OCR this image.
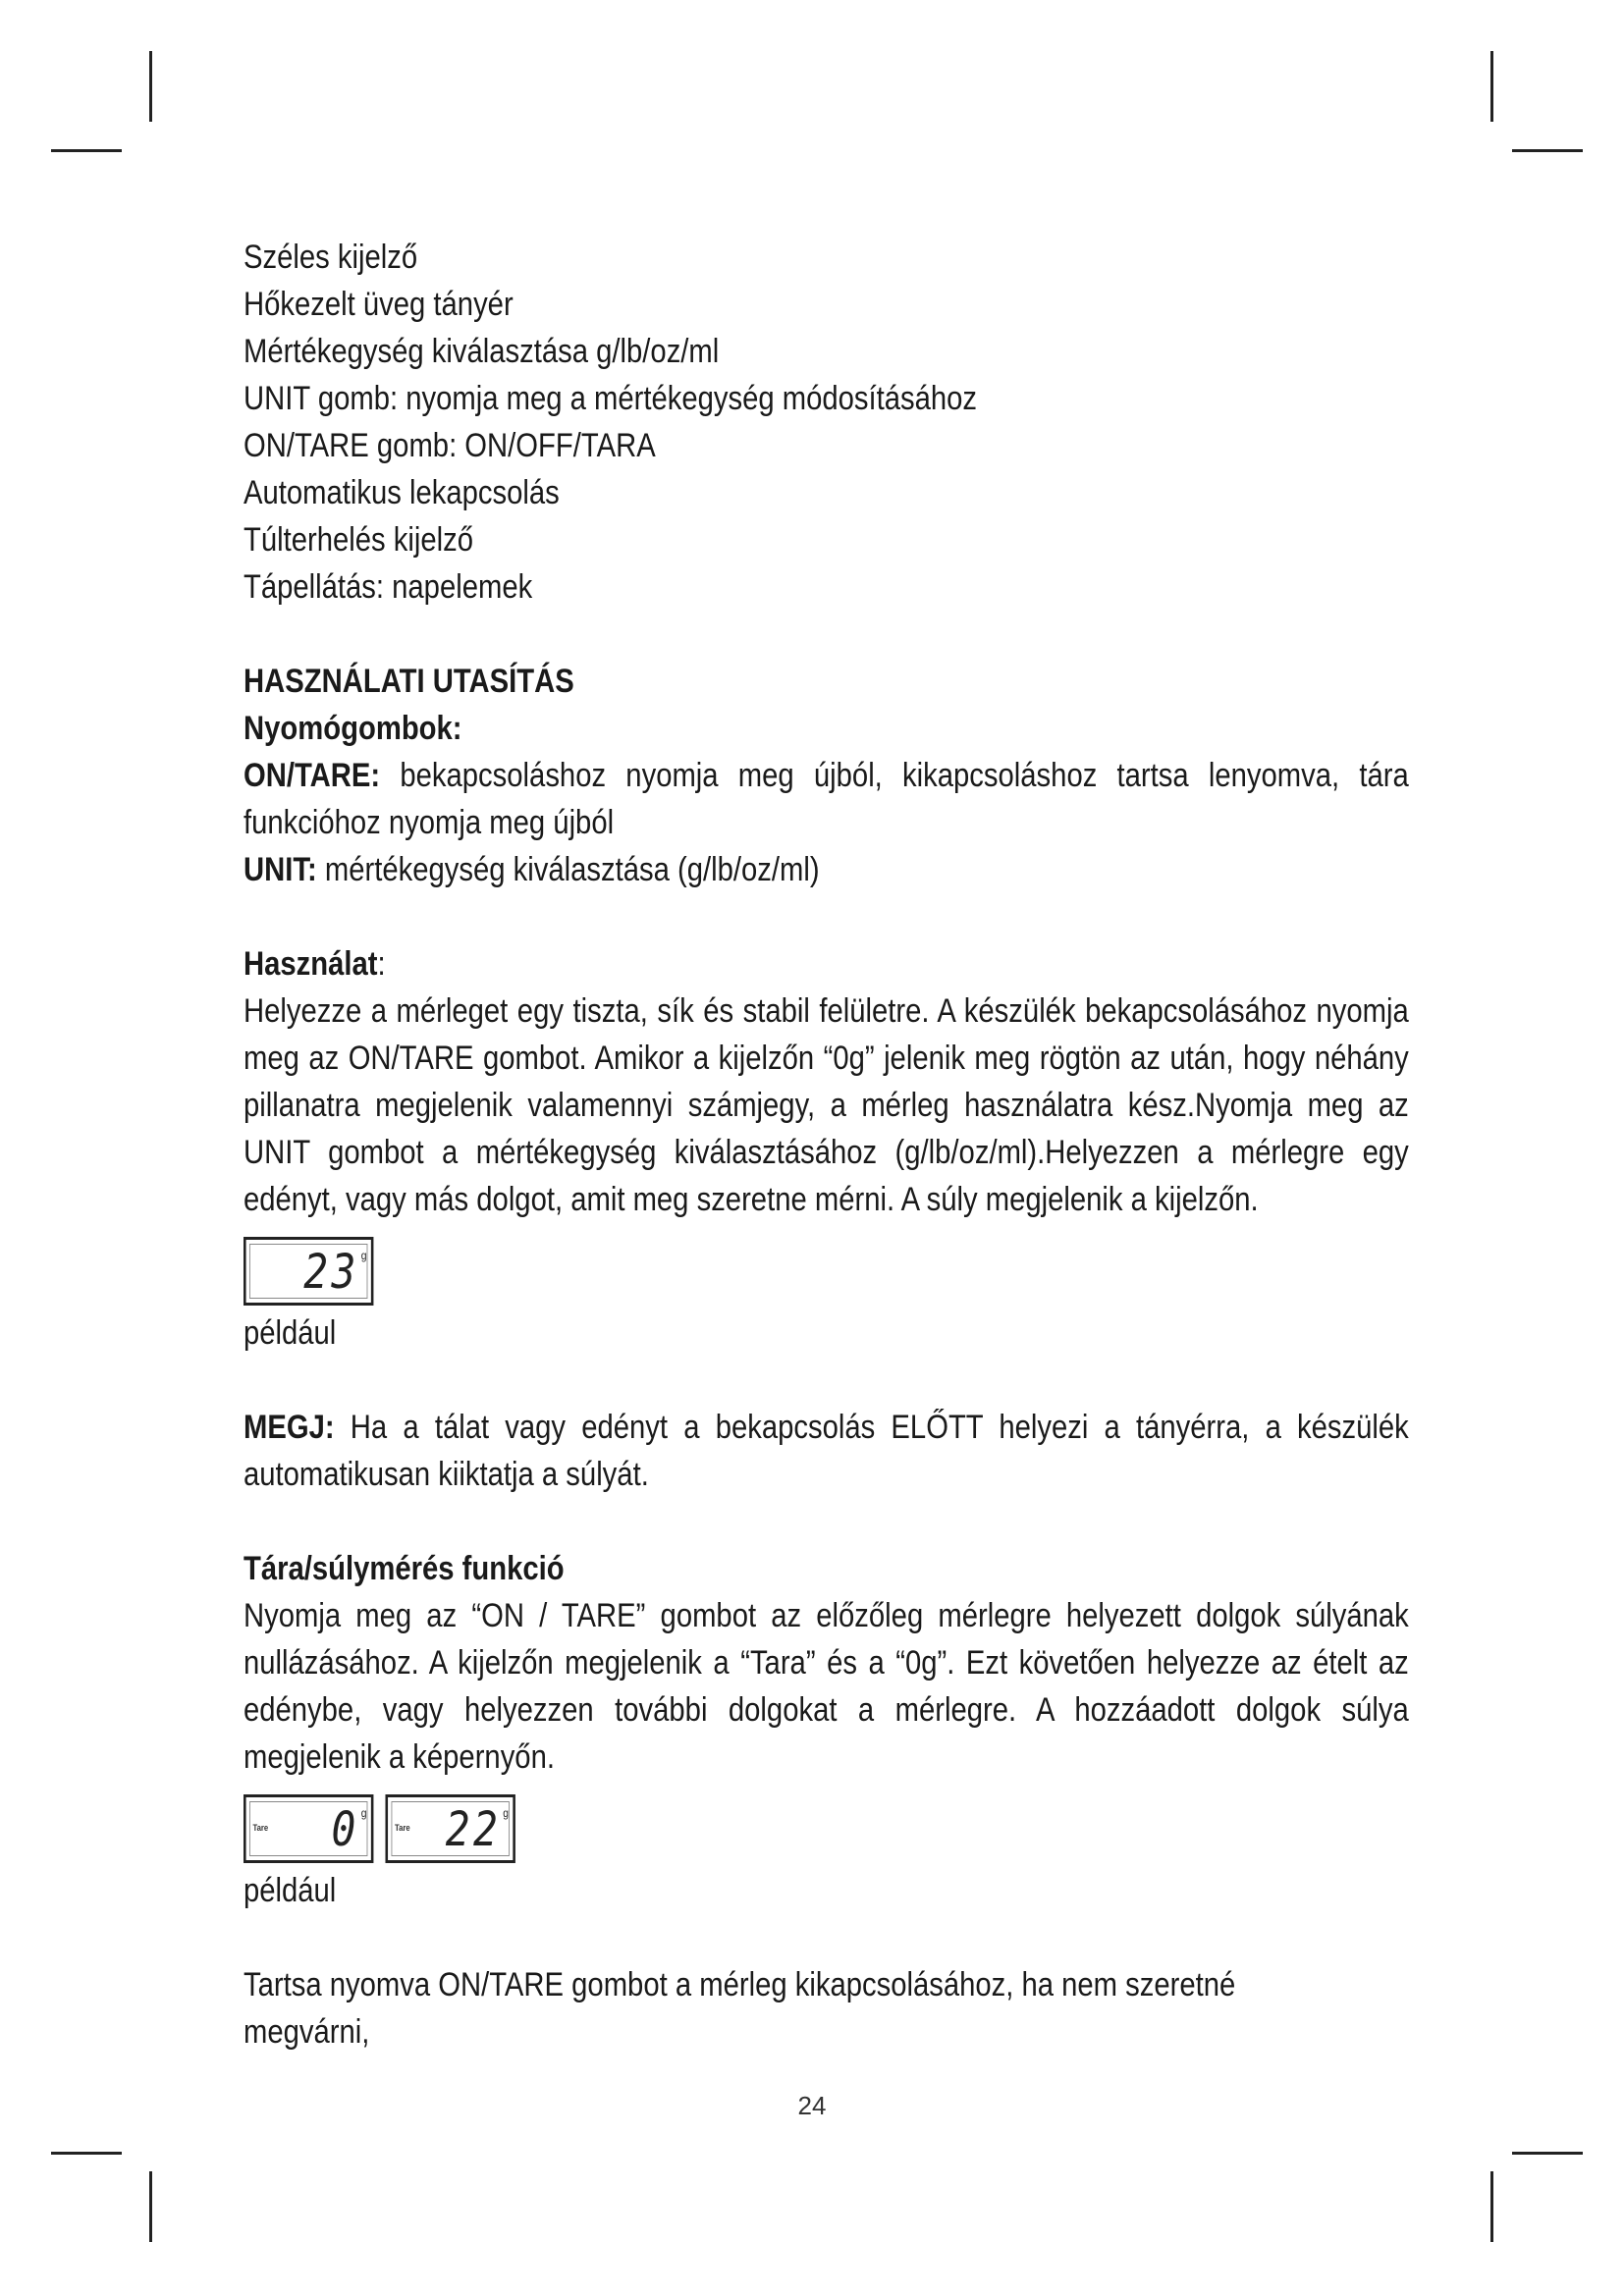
Széles kijelző

Hőkezelt üveg tányér

Mértékegység kiválasztása g/lb/oz/ml

UNIT gomb: nyomja meg a mértékegység módosításához

ON/TARE gomb: ON/OFF/TARA

Automatikus lekapcsolás

Túlterhelés kijelző

Tápellátás: napelemek

HASZNÁLATI UTASÍTÁS

Nyomógombok:

ON/TARE: bekapcsoláshoz nyomja meg újból, kikapcsoláshoz tartsa lenyomva, tára funkcióhoz nyomja meg újból

UNIT: mértékegység kiválasztása (g/lb/oz/ml)

Használat:

Helyezze a mérleget egy tiszta, sík és stabil felületre. A készülék bekapcsolásához nyomja meg az ON/TARE gombot. Amikor a kijelzőn “0g” jelenik meg rögtön az után, hogy néhány pillanatra megjelenik valamennyi számjegy, a mérleg használatra kész.Nyomja meg az UNIT gombot a mértékegység kiválasztásához (g/lb/oz/ml).Helyezzen a mérlegre egy edényt, vagy más dolgot, amit meg szeretne mérni. A súly megjelenik a kijelzőn.

23 g

például

MEGJ: Ha a tálat vagy edényt a bekapcsolás ELŐTT helyezi a tányérra, a készülék automatikusan kiiktatja a súlyát.

Tára/súlymérés funkció

Nyomja meg az “ON / TARE” gombot az előzőleg mérlegre helyezett dolgok súlyának nullázásához. A kijelzőn megjelenik a “Tara” és a “0g”. Ezt követően helyezze az ételt az edénybe, vagy helyezzen további dolgokat a mérlegre. A hozzáadott dolgok súlya megjelenik a képernyőn.

Tare 0 g
Tare 22 g

például

Tartsa nyomva ON/TARE gombot a mérleg kikapcsolásához, ha nem szeretné megvárni,

24
